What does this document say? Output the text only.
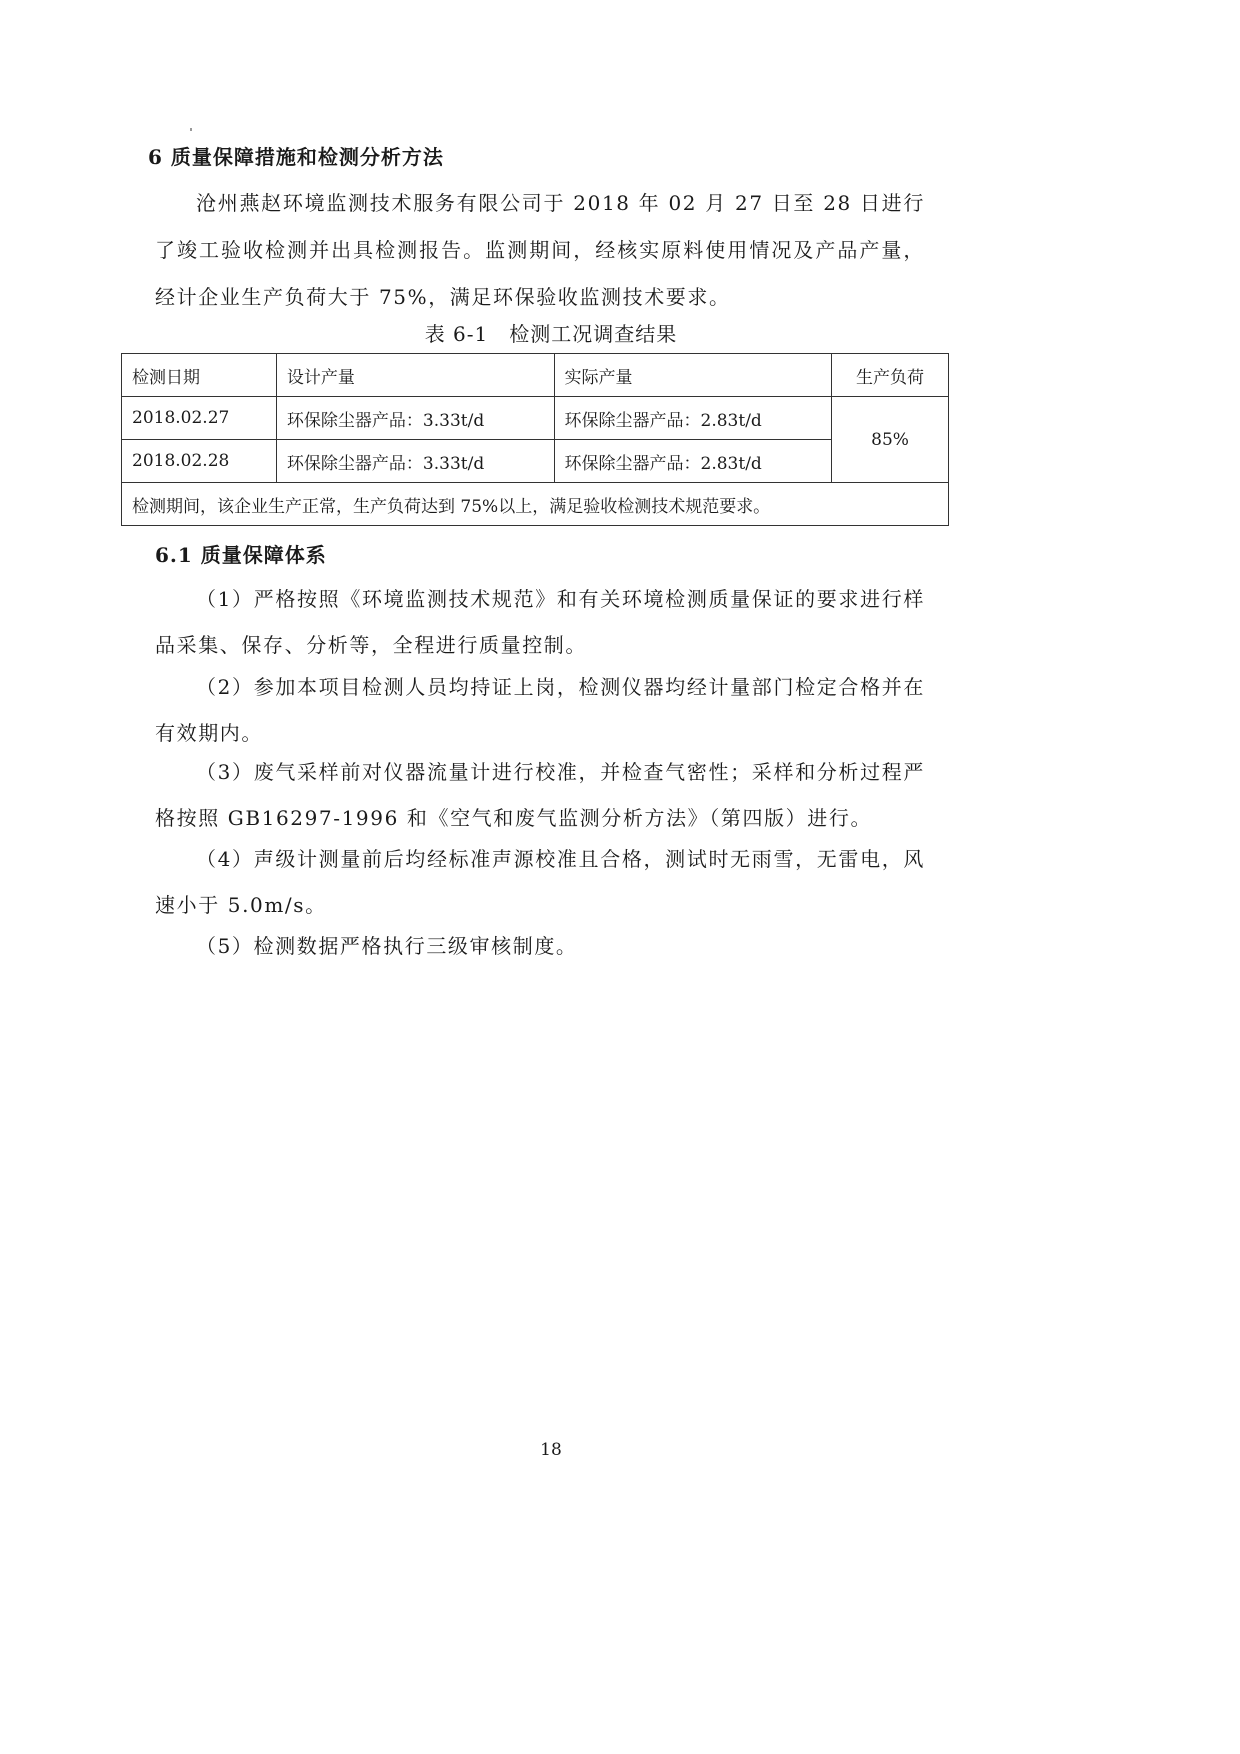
6 质量保障措施和检测分析方法
沧州燕赵环境监测技术服务有限公司于 2018 年 02 月 27 日至 28 日进行了竣工验收检测并出具检测报告。监测期间，经核实原料使用情况及产品产量，经计企业生产负荷大于 75%，满足环保验收监测技术要求。
表 6-1　检测工况调查结果
检测日期	设计产量	实际产量	生产负荷
2018.02.27	环保除尘器产品：3.33t/d	环保除尘器产品：2.83t/d	85%
2018.02.28	环保除尘器产品：3.33t/d	环保除尘器产品：2.83t/d	
检测期间，该企业生产正常，生产负荷达到 75%以上，满足验收检测技术规范要求。			
6.1 质量保障体系
（1）严格按照《环境监测技术规范》和有关环境检测质量保证的要求进行样品采集、保存、分析等，全程进行质量控制。
（2）参加本项目检测人员均持证上岗，检测仪器均经计量部门检定合格并在有效期内。
（3）废气采样前对仪器流量计进行校准，并检查气密性；采样和分析过程严格按照 GB16297-1996 和《空气和废气监测分析方法》（第四版）进行。
（4）声级计测量前后均经标准声源校准且合格，测试时无雨雪，无雷电，风速小于 5.0m/s。
（5）检测数据严格执行三级审核制度。
18
